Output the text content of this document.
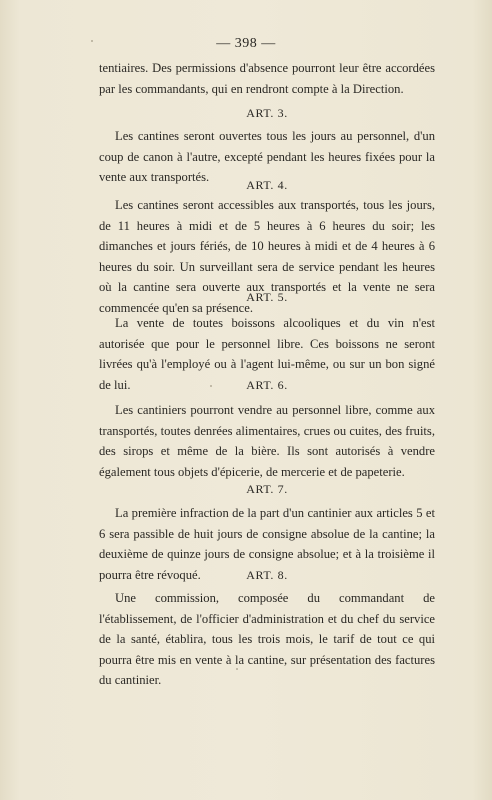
— 398 —

tentiaires. Des permissions d'absence pourront leur être accordées par les commandants, qui en rendront compte à la Direction.

ART. 3.

Les cantines seront ouvertes tous les jours au personnel, d'un coup de canon à l'autre, excepté pendant les heures fixées pour la vente aux transportés.

ART. 4.

Les cantines seront accessibles aux transportés, tous les jours, de 11 heures à midi et de 5 heures à 6 heures du soir; les dimanches et jours fériés, de 10 heures à midi et de 4 heures à 6 heures du soir. Un surveillant sera de service pendant les heures où la cantine sera ouverte aux transportés et la vente ne sera commencée qu'en sa présence.

ART. 5.

La vente de toutes boissons alcooliques et du vin n'est autorisée que pour le personnel libre. Ces boissons ne seront livrées qu'à l'employé ou à l'agent lui-même, ou sur un bon signé de lui.	ART. 6.

Les cantiniers pourront vendre au personnel libre, comme aux transportés, toutes denrées alimentaires, crues ou cuites, des fruits, des sirops et même de la bière. Ils sont autorisés à vendre également tous objets d'épicerie, de mercerie et de papeterie.

ART. 7.

La première infraction de la part d'un cantinier aux articles 5 et 6 sera passible de huit jours de consigne absolue de la cantine; la deuxième de quinze jours de consigne absolue; et à la troisième il pourra être révoqué.	ART. 8.

Une commission, composée du commandant de l'établissement, de l'officier d'administration et du chef du service de la santé, établira, tous les trois mois, le tarif de tout ce qui pourra être mis en vente à la cantine, sur présentation des factures du cantinier.
